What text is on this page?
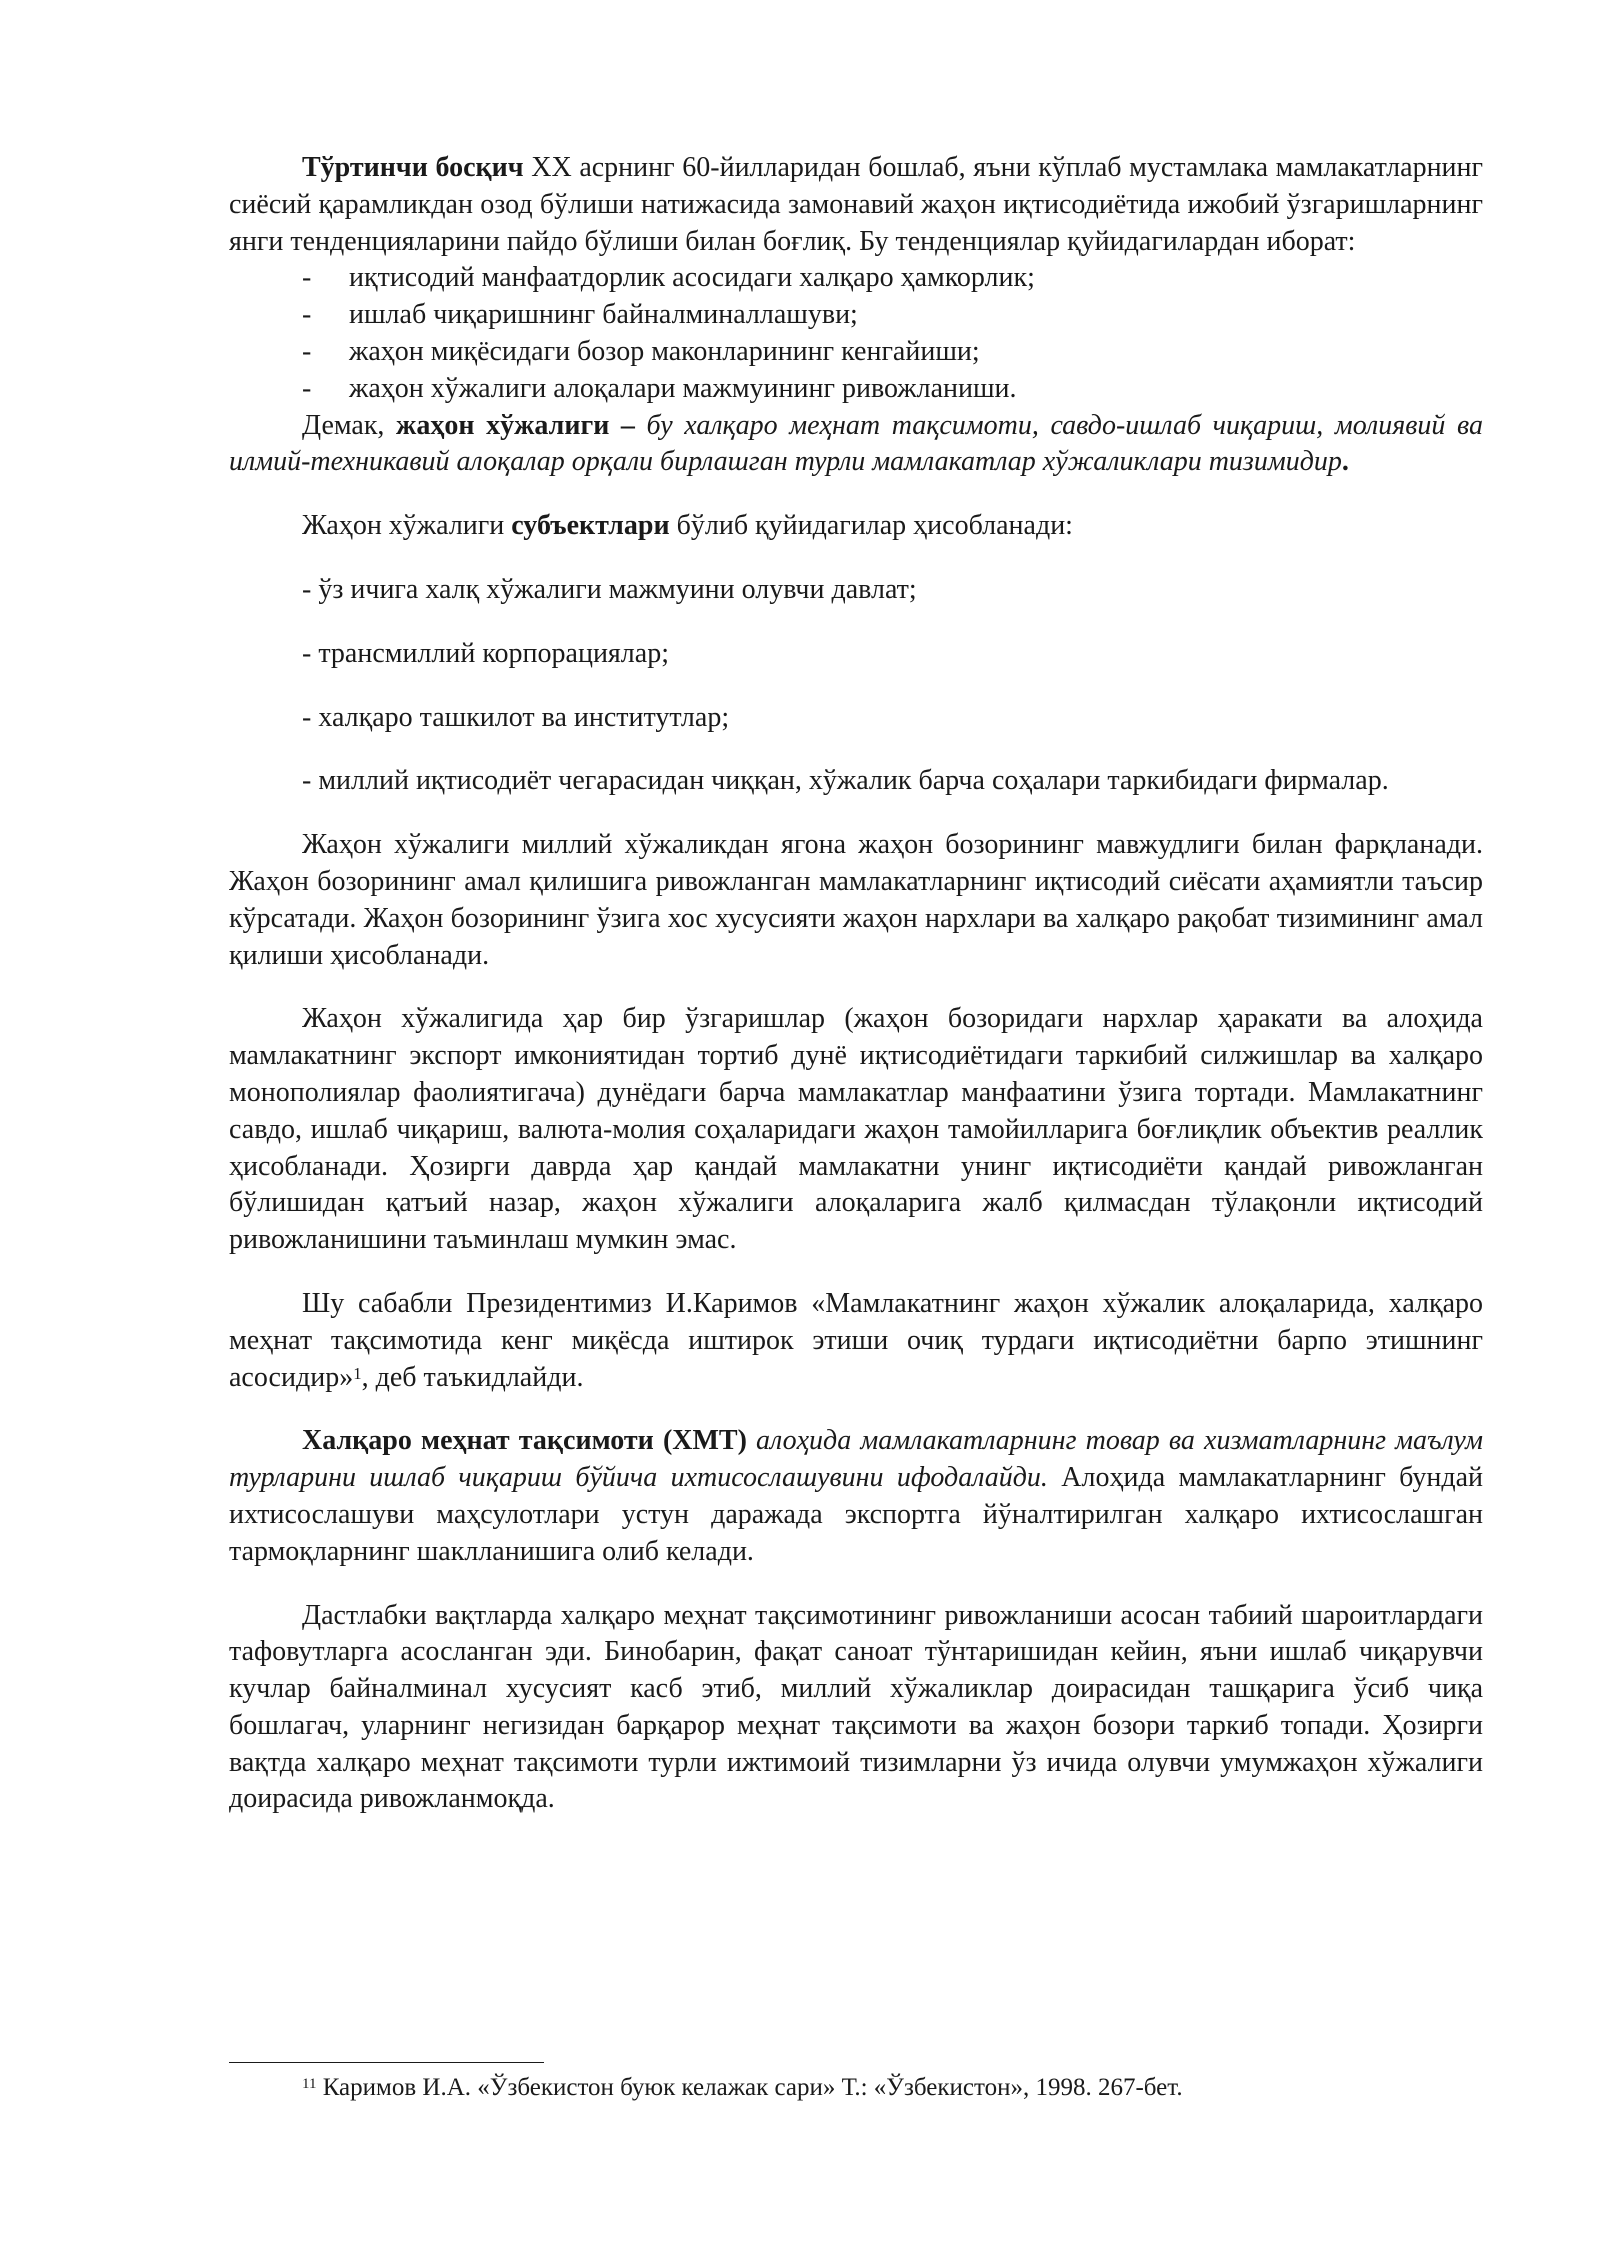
Тўртинчи босқич XX асрнинг 60-йилларидан бошлаб, яъни кўплаб мустамлака мамлакатларнинг сиёсий қарамликдан озод бўлиши натижасида замонавий жаҳон иқтисодиётида ижобий ўзгаришларнинг янги тенденцияларини пайдо бўлиши билан боғлиқ. Бу тенденциялар қуйидагилардан иборат:

- иқтисодий манфаатдорлик асосидаги халқаро ҳамкорлик;
- ишлаб чиқаришнинг байналминаллашуви;
- жаҳон миқёсидаги бозор маконларининг кенгайиши;
- жаҳон хўжалиги алоқалари мажмуининг ривожланиши.

Демак, жаҳон хўжалиги – бу халқаро меҳнат тақсимоти, савдо-ишлаб чиқариш, молиявий ва илмий-техникавий алоқалар орқали бирлашган турли мамлакатлар хўжаликлари тизимидир.

Жаҳон хўжалиги субъектлари бўлиб қуйидагилар ҳисобланади:

- ўз ичига халқ хўжалиги мажмуини олувчи давлат;

- трансмиллий корпорациялар;

- халқаро ташкилот ва институтлар;

- миллий иқтисодиёт чегарасидан чиққан, хўжалик барча соҳалари таркибидаги фирмалар.

Жаҳон хўжалиги миллий хўжаликдан ягона жаҳон бозорининг мавжудлиги билан фарқланади. Жаҳон бозорининг амал қилишига ривожланган мамлакатларнинг иқтисодий сиёсати аҳамиятли таъсир кўрсатади. Жаҳон бозорининг ўзига хос хусусияти жаҳон нархлари ва халқаро рақобат тизимининг амал қилиши ҳисобланади.

Жаҳон хўжалигида ҳар бир ўзгаришлар (жаҳон бозоридаги нархлар ҳаракати ва алоҳида мамлакатнинг экспорт имкониятидан тортиб дунё иқтисодиётидаги таркибий силжишлар ва халқаро монополиялар фаолиятигача) дунёдаги барча мамлакатлар манфаатини ўзига тортади. Мамлакатнинг савдо, ишлаб чиқариш, валюта-молия соҳаларидаги жаҳон тамойилларига боғлиқлик объектив реаллик ҳисобланади. Ҳозирги даврда ҳар қандай мамлакатни унинг иқтисодиёти қандай ривожланган бўлишидан қатъий назар, жаҳон хўжалиги алоқаларига жалб қилмасдан тўлақонли иқтисодий ривожланишини таъминлаш мумкин эмас.

Шу сабабли Президентимиз И.Каримов «Мамлакатнинг жаҳон хўжалик алоқаларида, халқаро меҳнат тақсимотида кенг миқёсда иштирок этиши очиқ турдаги иқтисодиётни барпо этишнинг асосидир»$^1$, деб таъкидлайди.

Халқаро меҳнат тақсимоти (ХМТ) алоҳида мамлакатларнинг товар ва хизматларнинг маълум турларини ишлаб чиқариш бўйича ихтисослашувини ифодалайди. Алоҳида мамлакатларнинг бундай ихтисослашуви маҳсулотлари устун даражада экспортга йўналтирилган халқаро ихтисослашган тармоқларнинг шаклланишига олиб келади.

Дастлабки вақтларда халқаро меҳнат тақсимотининг ривожланиши асосан табиий шароитлардаги тафовутларга асосланган эди. Бинобарин, фақат саноат тўнтаришидан кейин, яъни ишлаб чиқарувчи кучлар байналминал хусусият касб этиб, миллий хўжаликлар доирасидан ташқарига ўсиб чиқа бошлагач, уларнинг негизидан барқарор меҳнат тақсимоти ва жаҳон бозори таркиб топади. Ҳозирги вақтда халқаро меҳнат тақсимоти турли ижтимоий тизимларни ўз ичида олувчи умумжаҳон хўжалиги доирасида ривожланмоқда.

$^{11}$ Каримов И.А. «Ўзбекистон буюк келажак сари» Т.: «Ўзбекистон», 1998. 267-бет.
